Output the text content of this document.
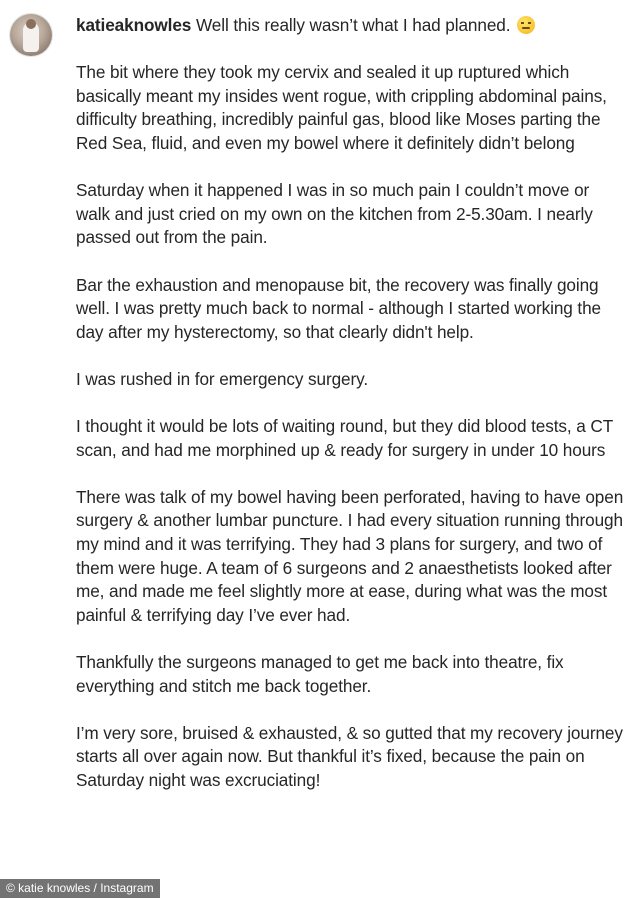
katieaknowles Well this really wasn’t what I had planned.

The bit where they took my cervix and sealed it up ruptured which basically meant my insides went rogue, with crippling abdominal pains, difficulty breathing, incredibly painful gas, blood like Moses parting the Red Sea, fluid, and even my bowel where it definitely didn’t belong

Saturday when it happened I was in so much pain I couldn’t move or walk and just cried on my own on the kitchen from 2-5.30am. I nearly passed out from the pain.

Bar the exhaustion and menopause bit, the recovery was finally going well. I was pretty much back to normal - although I started working the day after my hysterectomy, so that clearly didn't help.

I was rushed in for emergency surgery.

I thought it would be lots of waiting round, but they did blood tests, a CT scan, and had me morphined up & ready for surgery in under 10 hours

There was talk of my bowel having been perforated, having to have open surgery & another lumbar puncture. I had every situation running through my mind and it was terrifying. They had 3 plans for surgery, and two of them were huge. A team of 6 surgeons and 2 anaesthetists looked after me, and made me feel slightly more at ease, during what was the most painful & terrifying day I’ve ever had.

Thankfully the surgeons managed to get me back into theatre, fix everything and stitch me back together.

I’m very sore, bruised & exhausted, & so gutted that my recovery journey starts all over again now. But thankful it’s fixed, because the pain on Saturday night was excruciating!

© katie knowles / Instagram
